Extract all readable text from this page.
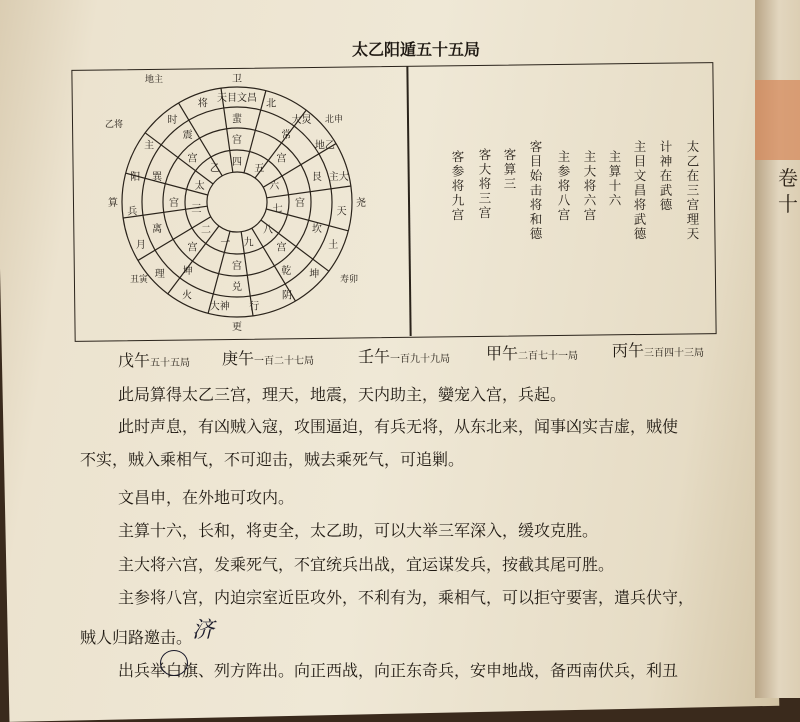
卷
十
太乙阳遁五十五局
天目文昌
北
大炅
地乙
主大
天
土
坤
阴
行
大神
火
理
月
兵
阳
主
时
将
蜚
常
艮
坎
乾
兑
坤
离
巽
震	宫
宫
宫
宫
宫
宫
宫
宫	四
五
六
七
八
九
一
二
三
太
乙
卫
尧
更
算
地主
乙将
丑寅
北申
寿卯
太乙在三宫理天
计神在武德
主目文昌将武德
主算十六
主大将六宫
主参将八宫
客目始击将和德
客算三
客大将三宫
客参将九宫
戊午五十五局 庚午一百二十七局	壬午一百九十九局 甲午二百七十一局 丙午三百四十三局
此局算得太乙三宫，理天，地震，天内助主，孌宠入宫，兵起。
此时声息，有凶贼入寇，攻围逼迫，有兵无将，从东北来，闻事凶实吉虚，贼使
不实，贼入乘相气，不可迎击，贼去乘死气，可追剿。
文昌申，在外地可攻内。
主算十六，长和，将吏全，太乙助，可以大举三军深入，缓攻克胜。
主大将六宫，发乘死气，不宜统兵出战，宜运谋发兵，按截其尾可胜。
主参将八宫，内迫宗室近臣攻外，不利有为，乘相气，可以拒守要害，遣兵伏守，
贼人归路邀击。
出兵举白旗、列方阵出。向正西战，向正东奇兵，安申地战，备西南伏兵，利丑
济
